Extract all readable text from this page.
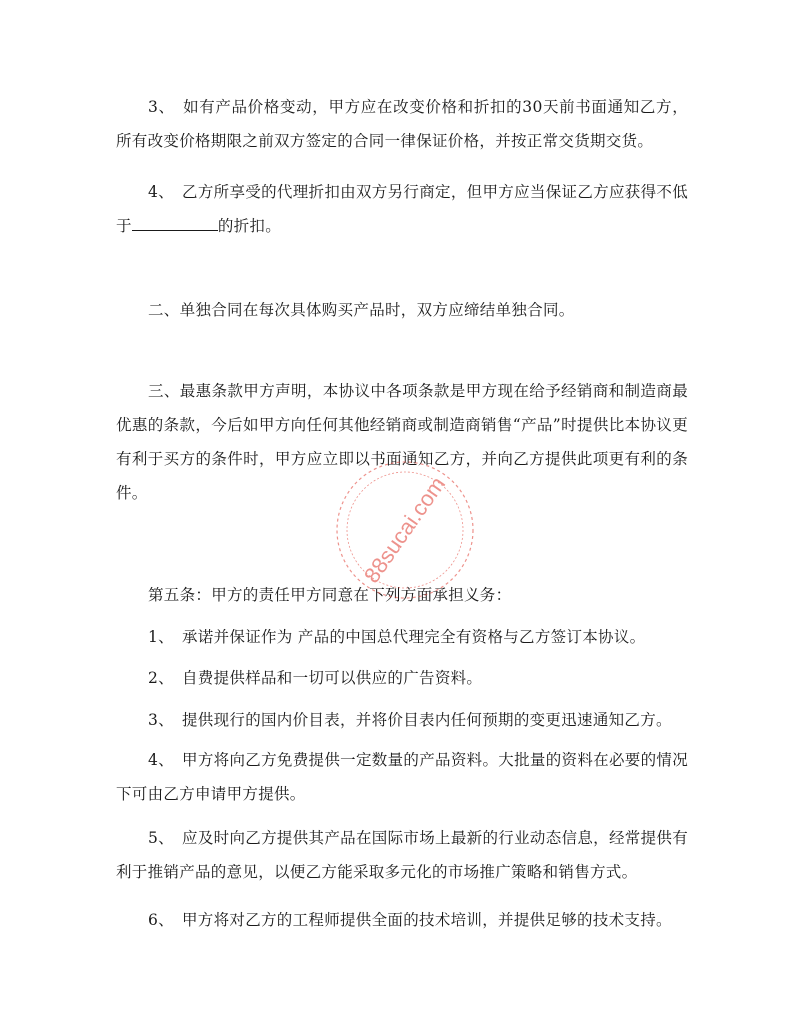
3、　如有产品价格变动，甲方应在改变价格和折扣的30天前书面通知乙方，所有改变价格期限之前双方签定的合同一律保证价格，并按正常交货期交货。

4、　乙方所享受的代理折扣由双方另行商定，但甲方应当保证乙方应获得不低于	的折扣。

二、单独合同在每次具体购买产品时，双方应缔结单独合同。

三、最惠条款甲方声明，本协议中各项条款是甲方现在给予经销商和制造商最优惠的条款，今后如甲方向任何其他经销商或制造商销售“产品”时提供比本协议更有利于买方的条件时，甲方应立即以书面通知乙方，并向乙方提供此项更有利的条件。

第五条：甲方的责任甲方同意在下列方面承担义务：

1、　承诺并保证作为 产品的中国总代理完全有资格与乙方签订本协议。

2、　自费提供样品和一切可以供应的广告资料。

3、　提供现行的国内价目表，并将价目表内任何预期的变更迅速通知乙方。

4、　甲方将向乙方免费提供一定数量的产品资料。大批量的资料在必要的情况下可由乙方申请甲方提供。

5、　应及时向乙方提供其产品在国际市场上最新的行业动态信息，经常提供有利于推销产品的意见，以便乙方能采取多元化的市场推广策略和销售方式。

6、　甲方将对乙方的工程师提供全面的技术培训，并提供足够的技术支持。

88sucai.com
